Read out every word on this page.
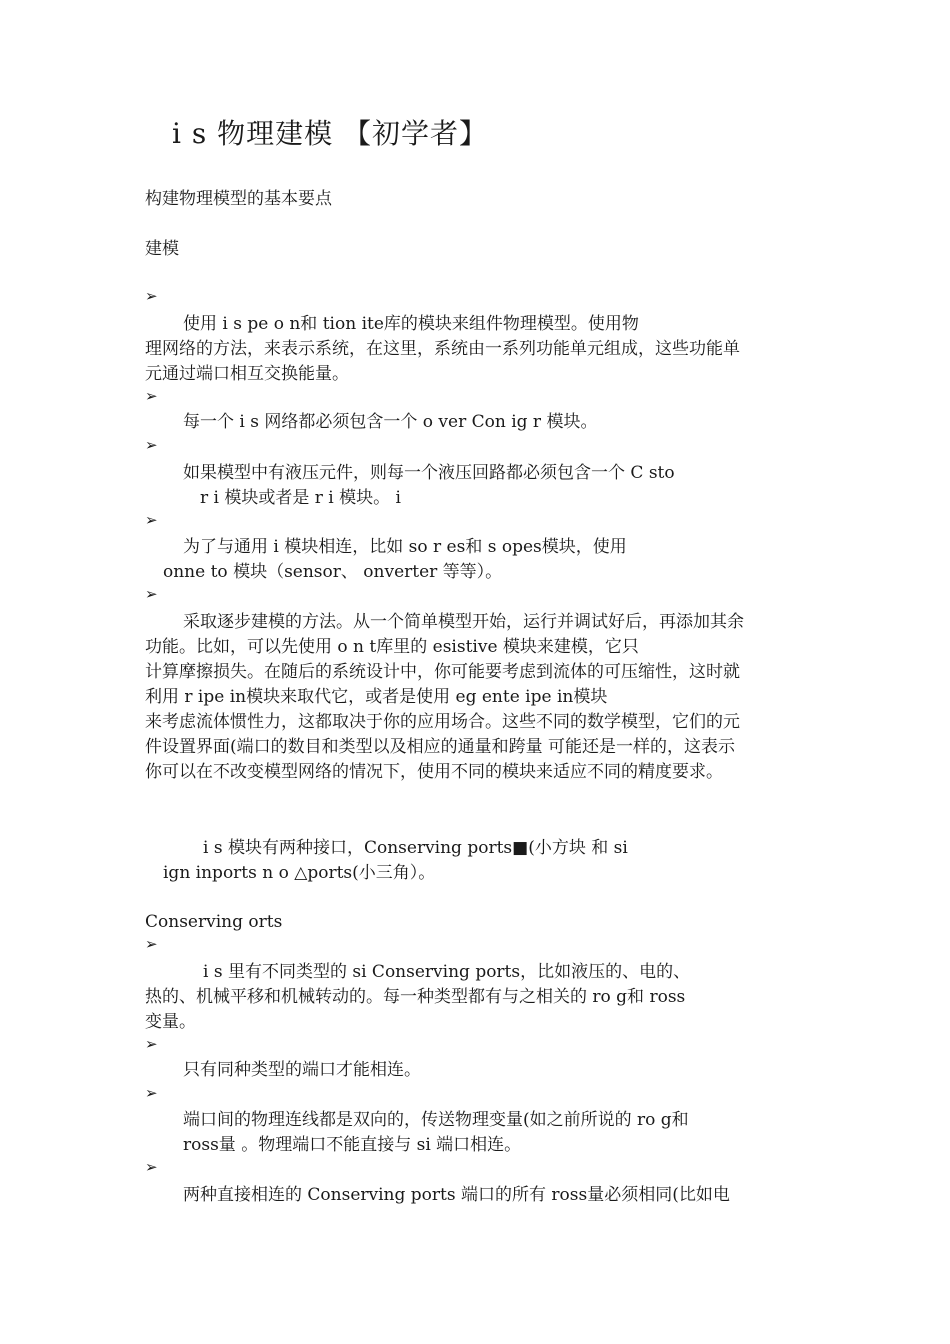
i s 物理建模 【初学者】
构建物理模型的基本要点
建模
➢
使用 i s pe o n和 tion ite库的模块来组件物理模型。使用物
理网络的方法，来表示系统，在这里，系统由一系列功能单元组成，这些功能单
元通过端口相互交换能量。
➢
每一个 i s 网络都必须包含一个 o ver Con ig r 模块。
➢
如果模型中有液压元件，则每一个液压回路都必须包含一个 C sto
r i 模块或者是 r i 模块。 i
➢
为了与通用 i 模块相连，比如 so r es和 s opes模块，使用
onne to 模块（sensor、 onverter 等等）。
➢
采取逐步建模的方法。从一个简单模型开始，运行并调试好后，再添加其余
功能。比如，可以先使用 o n t库里的 esistive 模块来建模，它只
计算摩擦损失。在随后的系统设计中，你可能要考虑到流体的可压缩性，这时就
利用 r ipe in模块来取代它，或者是使用 eg ente ipe in模块
来考虑流体惯性力，这都取决于你的应用场合。这些不同的数学模型，它们的元
件设置界面(端口的数目和类型以及相应的通量和跨量 可能还是一样的，这表示
你可以在不改变模型网络的情况下，使用不同的模块来适应不同的精度要求。
i s 模块有两种接口，Conserving ports■(小方块 和 si
ign inports n o △ports(小三角）。
Conserving orts
➢
i s 里有不同类型的 si Conserving ports，比如液压的、电的、
热的、机械平移和机械转动的。每一种类型都有与之相关的 ro g和 ross
变量。
➢
只有同种类型的端口才能相连。
➢
端口间的物理连线都是双向的，传送物理变量(如之前所说的 ro g和
ross量 。物理端口不能直接与 si 端口相连。
➢
两种直接相连的 Conserving ports 端口的所有 ross量必须相同(比如电
